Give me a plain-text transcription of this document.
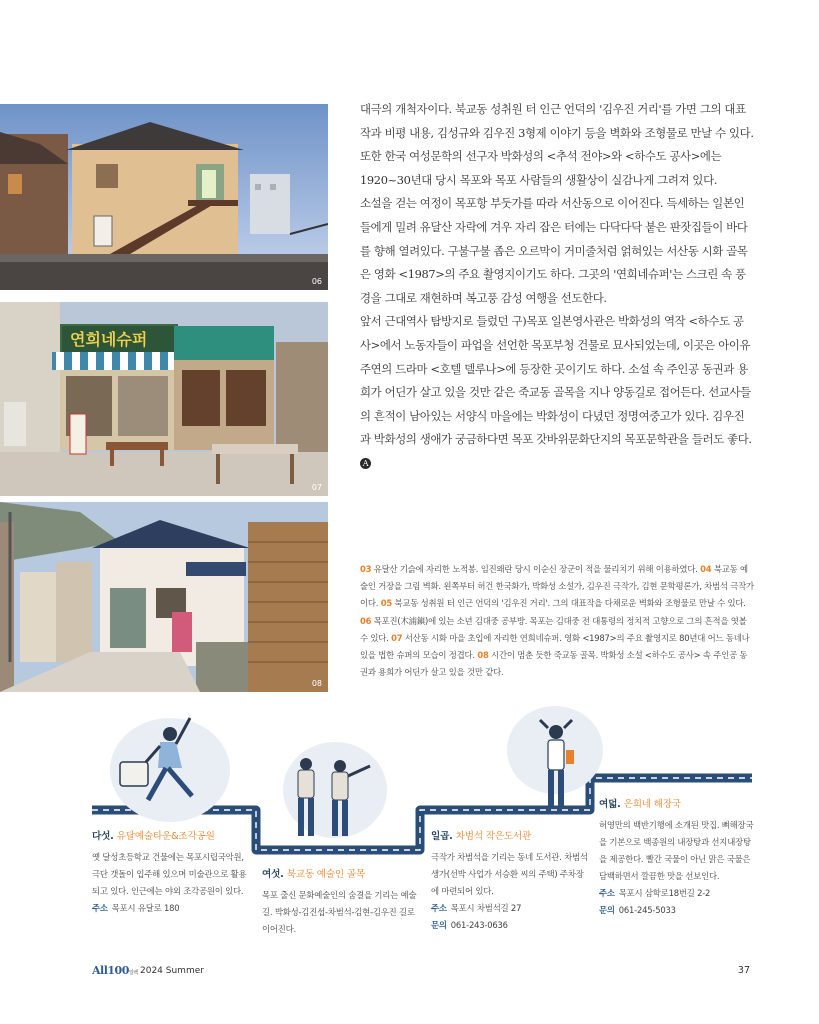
06
연희네슈퍼
07
08

대극의 개척자이다. 북교동 성취원 터 인근 언덕의 '김우진 거리'를 가면 그의 대표작과 비평 내용, 김성규와 김우진 3형제 이야기 등을 벽화와 조형물로 만날 수 있다. 또한 한국 여성문학의 선구자 박화성의 <추석 전야>와 <하수도 공사>에는 1920~30년대 당시 목포와 목포 사람들의 생활상이 실감나게 그려져 있다.

소설을 걷는 여정이 목포항 부둣가를 따라 서산동으로 이어진다. 득세하는 일본인들에게 밀려 유달산 자락에 겨우 자리 잡은 터에는 다닥다닥 붙은 판잣집들이 바다를 향해 열려있다. 구불구불 좁은 오르막이 거미줄처럼 얽혀있는 서산동 시화 골목은 영화 <1987>의 주요 촬영지이기도 하다. 그곳의 '연희네슈퍼'는 스크린 속 풍경을 그대로 재현하며 복고풍 감성 여행을 선도한다.

앞서 근대역사 탐방지로 들렀던 구)목포 일본영사관은 박화성의 역작 <하수도 공사>에서 노동자들이 파업을 선언한 목포부청 건물로 묘사되었는데, 이곳은 아이유 주연의 드라마 <호텔 델루나>에 등장한 곳이기도 하다. 소설 속 주인공 동권과 용희가 어딘가 살고 있을 것만 같은 죽교동 골목을 지나 양동길로 접어든다. 선교사들의 흔적이 남아있는 서양식 마을에는 박화성이 다녔던 정명여중고가 있다. 김우진과 박화성의 생애가 궁금하다면 목포 갓바위문화단지의 목포문학관을 들러도 좋다. A

03 유달산 기슭에 자리한 노적봉. 임진왜란 당시 이순신 장군이 적을 물리치기 위해 이용하였다. 04 북교동 예술인 거장을 그림 벽화. 왼쪽부터 허건 한국화가, 박화성 소설가, 김우진 극작가, 김현 문학평론가, 차범석 극작가이다. 05 북교동 성취원 터 인근 언덕의 '김우진 거리'. 그의 대표작을 다채로운 벽화와 조형물로 만날 수 있다. 06 목포진(木浦鎭)에 있는 소년 김대중 공부방. 목포는 김대중 전 대통령의 정치적 고향으로 그의 흔적을 엿볼 수 있다. 07 서산동 시화 마을 초입에 자리한 연희네슈퍼. 영화 <1987>의 주요 촬영지로 80년대 어느 동네나 있을 법한 슈퍼의 모습이 정겹다. 08 시간이 멈춘 듯한 죽교동 골목. 박화성 소설 <하수도 공사> 속 주인공 동권과 용희가 어딘가 살고 있을 것만 같다.
다섯. 유달예술타운&조각공원
옛 달성초등학교 건물에는 목포시립국악원, 극단 갯돌이 입주해 있으며 미술관으로 활용되고 있다. 인근에는 야외 조각공원이 있다.
주소 목포시 유달로 180
여섯. 북교동 예술인 골목
목포 출신 문화예술인의 숨결을 기리는 예술길. 박화성-김진섭-차범석-김현-김우진 길로 이어진다.
일곱. 차범석 작은도서관
극작가 차범석을 기리는 동네 도서관. 차범석 생가(선박 사업가 서승환 씨의 주택) 주차장에 마련되어 있다.
주소 목포시 차범석길 27
문의 061-243-0636
여덟. 은희네 해장국
허영만의 백반기행에 소개된 맛집. 뼈해장국을 기본으로 백종원의 내장탕과 선지내장탕을 제공한다. 빨간 국물이 아닌 맑은 국물은 담백하면서 깔끔한 맛을 선보인다.
주소 목포시 삼학로18번길 2-2
문의 061-245-5033
All100일백 2024 Summer	37
